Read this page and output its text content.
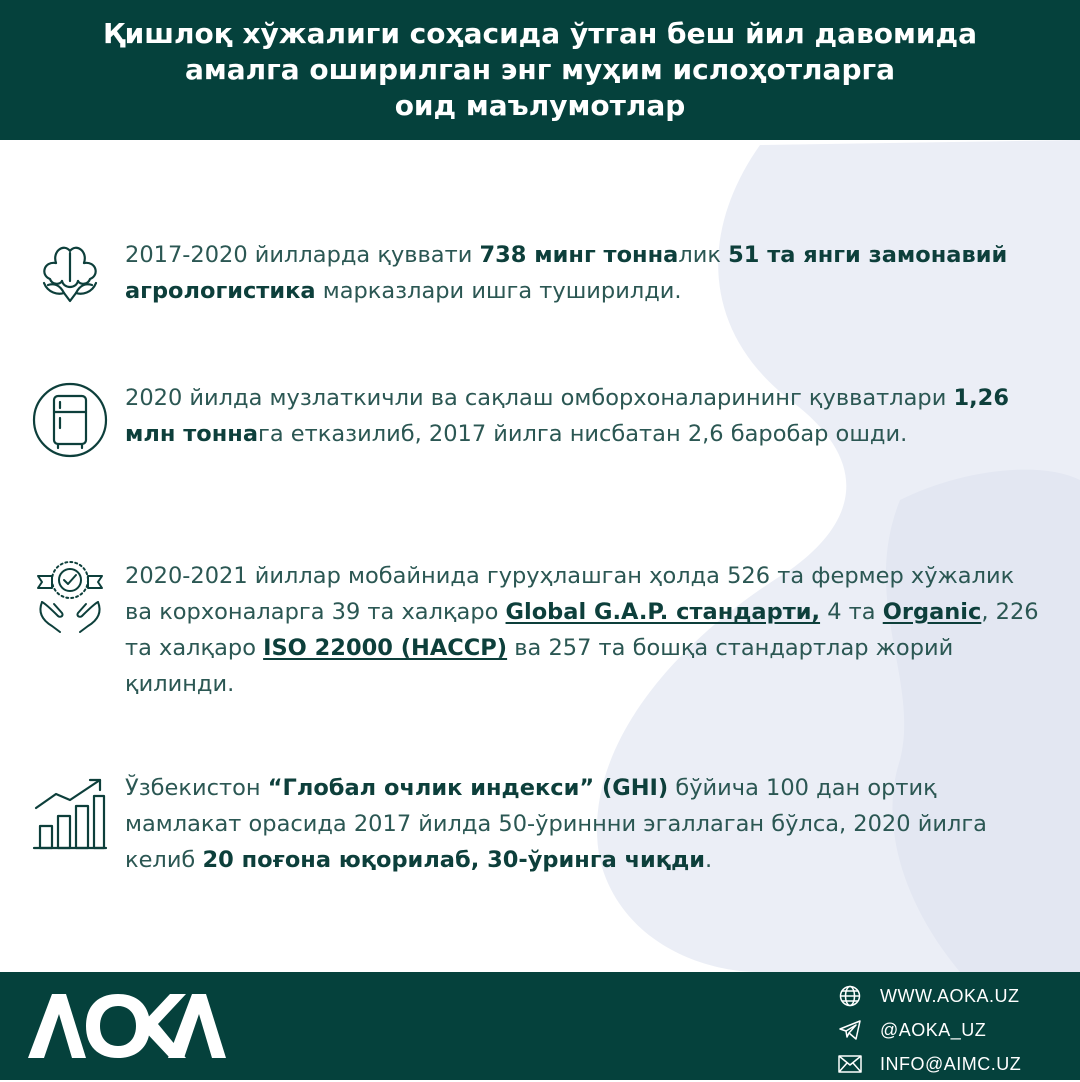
Қишлоқ хўжалиги соҳасида ўтган беш йил давомида
амалга оширилган энг муҳим ислоҳотларга
оид маълумотлар
2017-2020 йилларда қуввати 738 минг тонналик 51 та янги замонавий агрологистика марказлари ишга туширилди.
2020 йилда музлаткичли ва сақлаш омборхоналарининг қувватлари 1,26 млн тоннага етказилиб, 2017 йилга нисбатан 2,6 баробар ошди.
2020-2021 йиллар мобайнида гуруҳлашган ҳолда 526 та фермер хўжалик ва корхоналарга 39 та халқаро Global G.A.P. стандарти, 4 та Organic, 226 та халқаро ISO 22000 (HACCP) ва 257 та бошқа стандартлар жорий қилинди.
Ўзбекистон “Глобал очлик индекси” (GHI) бўйича 100 дан ортиқ мамлакат орасида 2017 йилда 50-ўриннни эгаллаган бўлса, 2020 йилга келиб 20 поғона юқорилаб, 30-ўринга чиқди.
WWW.AOKA.UZ
@AOKA_UZ
INFO@AIMC.UZ
